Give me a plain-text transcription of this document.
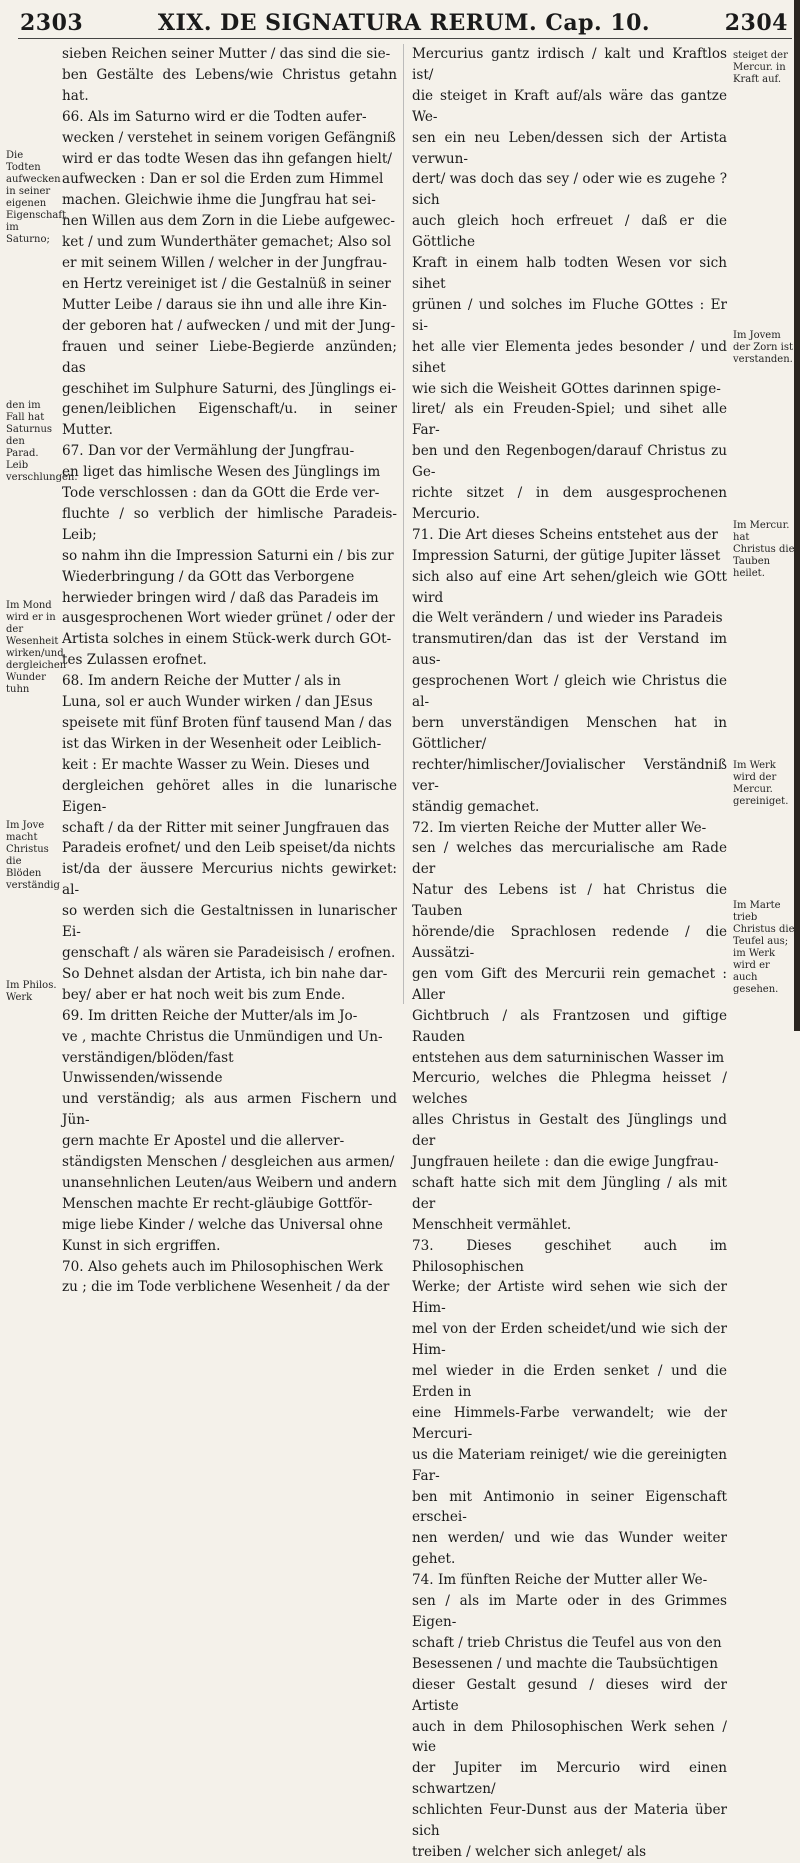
2303	XIX. DE SIGNATURA RERUM. Cap. 10.	2304
Die Todten aufwecken in seiner eigenen Eigenschaft im Saturno;
den im Fall hat Saturnus den Parad. Leib verschlungen.
Im Mond wird er in der Wesenheit wirken/und dergleichen Wunder tuhn
Im Jove macht Christus die Blöden verständig
Im Philos. Werk

sieben Reichen seiner Mutter / das sind die sie-

ben Gestälte des Lebens/wie Christus getahn hat.

66. Als im Saturno wird er die Todten aufer-

wecken / verstehet in seinem vorigen Gefängniß

wird er das todte Wesen das ihn gefangen hielt/

aufwecken : Dan er sol die Erden zum Himmel

machen. Gleichwie ihme die Jungfrau hat sei-

nen Willen aus dem Zorn in die Liebe aufgewec-

ket / und zum Wunderthäter gemachet; Also sol

er mit seinem Willen / welcher in der Jungfrau-

en Hertz vereiniget ist / die Gestalnüß in seiner

Mutter Leibe / daraus sie ihn und alle ihre Kin-

der geboren hat / aufwecken / und mit der Jung-

frauen und seiner Liebe-Begierde anzünden; das

geschihet im Sulphure Saturni, des Jünglings ei-

genen/leiblichen Eigenschaft/u. in seiner Mutter.

67. Dan vor der Vermählung der Jungfrau-

en liget das himlische Wesen des Jünglings im

Tode verschlossen : dan da GOtt die Erde ver-

fluchte / so verblich der himlische Paradeis-Leib;

so nahm ihn die Impression Saturni ein / bis zur

Wiederbringung / da GOtt das Verborgene

herwieder bringen wird / daß das Paradeis im

ausgesprochenen Wort wieder grünet / oder der

Artista solches in einem Stück-werk durch GOt-

tes Zulassen erofnet.

68. Im andern Reiche der Mutter / als in

Luna, sol er auch Wunder wirken / dan JEsus

speisete mit fünf Broten fünf tausend Man / das

ist das Wirken in der Wesenheit oder Leiblich-

keit : Er machte Wasser zu Wein. Dieses und

dergleichen gehöret alles in die lunarische Eigen-

schaft / da der Ritter mit seiner Jungfrauen das

Paradeis erofnet/ und den Leib speiset/da nichts

ist/da der äussere Mercurius nichts gewirket: al-

so werden sich die Gestaltnissen in lunarischer Ei-

genschaft / als wären sie Paradeisisch / erofnen.

So Dehnet alsdan der Artista, ich bin nahe dar-

bey/ aber er hat noch weit bis zum Ende.

69. Im dritten Reiche der Mutter/als im Jo-

ve , machte Christus die Unmündigen und Un-

verständigen/blöden/fast Unwissenden/wissende

und verständig; als aus armen Fischern und Jün-

gern machte Er Apostel und die allerver-

ständigsten Menschen / desgleichen aus armen/

unansehnlichen Leuten/aus Weibern und andern

Menschen machte Er recht-gläubige Gottför-

mige liebe Kinder / welche das Universal ohne

Kunst in sich ergriffen.

70. Also gehets auch im Philosophischen Werk

zu ; die im Tode verblichene Wesenheit / da der

Mercurius gantz irdisch / kalt und Kraftlos ist/

die steiget in Kraft auf/als wäre das gantze We-

sen ein neu Leben/dessen sich der Artista verwun-

dert/ was doch das sey / oder wie es zugehe ? sich

auch gleich hoch erfreuet / daß er die Göttliche

Kraft in einem halb todten Wesen vor sich sihet

grünen / und solches im Fluche GOttes : Er si-

het alle vier Elementa jedes besonder / und sihet

wie sich die Weisheit GOttes darinnen spige-

liret/ als ein Freuden-Spiel; und sihet alle Far-

ben und den Regenbogen/darauf Christus zu Ge-

richte sitzet / in dem ausgesprochenen Mercurio.

71. Die Art dieses Scheins entstehet aus der

Impression Saturni, der gütige Jupiter lässet

sich also auf eine Art sehen/gleich wie GOtt wird

die Welt verändern / und wieder ins Paradeis

transmutiren/dan das ist der Verstand im aus-

gesprochenen Wort / gleich wie Christus die al-

bern unverständigen Menschen hat in Göttlicher/

rechter/himlischer/Jovialischer Verständniß ver-

ständig gemachet.

72. Im vierten Reiche der Mutter aller We-

sen / welches das mercurialische am Rade der

Natur des Lebens ist / hat Christus die Tauben

hörende/die Sprachlosen redende / die Aussätzi-

gen vom Gift des Mercurii rein gemachet : Aller

Gichtbruch / als Frantzosen und giftige Rauden

entstehen aus dem saturninischen Wasser im

Mercurio, welches die Phlegma heisset / welches

alles Christus in Gestalt des Jünglings und der

Jungfrauen heilete : dan die ewige Jungfrau-

schaft hatte sich mit dem Jüngling / als mit der

Menschheit vermählet.

73. Dieses geschihet auch im Philosophischen

Werke; der Artiste wird sehen wie sich der Him-

mel von der Erden scheidet/und wie sich der Him-

mel wieder in die Erden senket / und die Erden in

eine Himmels-Farbe verwandelt; wie der Mercuri-

us die Materiam reiniget/ wie die gereinigten Far-

ben mit Antimonio in seiner Eigenschaft erschei-

nen werden/ und wie das Wunder weiter gehet.

74. Im fünften Reiche der Mutter aller We-

sen / als im Marte oder in des Grimmes Eigen-

schaft / trieb Christus die Teufel aus von den

Besessenen / und machte die Taubsüchtigen

dieser Gestalt gesund / dieses wird der Artiste

auch in dem Philosophischen Werk sehen / wie

der Jupiter im Mercurio wird einen schwartzen/

schlichten Feur-Dunst aus der Materia über sich

treiben / welcher sich anleget/ als

steiget der Mercur. in Kraft auf.
Im Jovem der Zorn ist verstanden.
Im Mercur. hat Christus die Tauben heilet.
Im Werk wird der Mercur. gereiniget.
Im Marte trieb Christus die Teufel aus; im Werk wird er auch gesehen.
